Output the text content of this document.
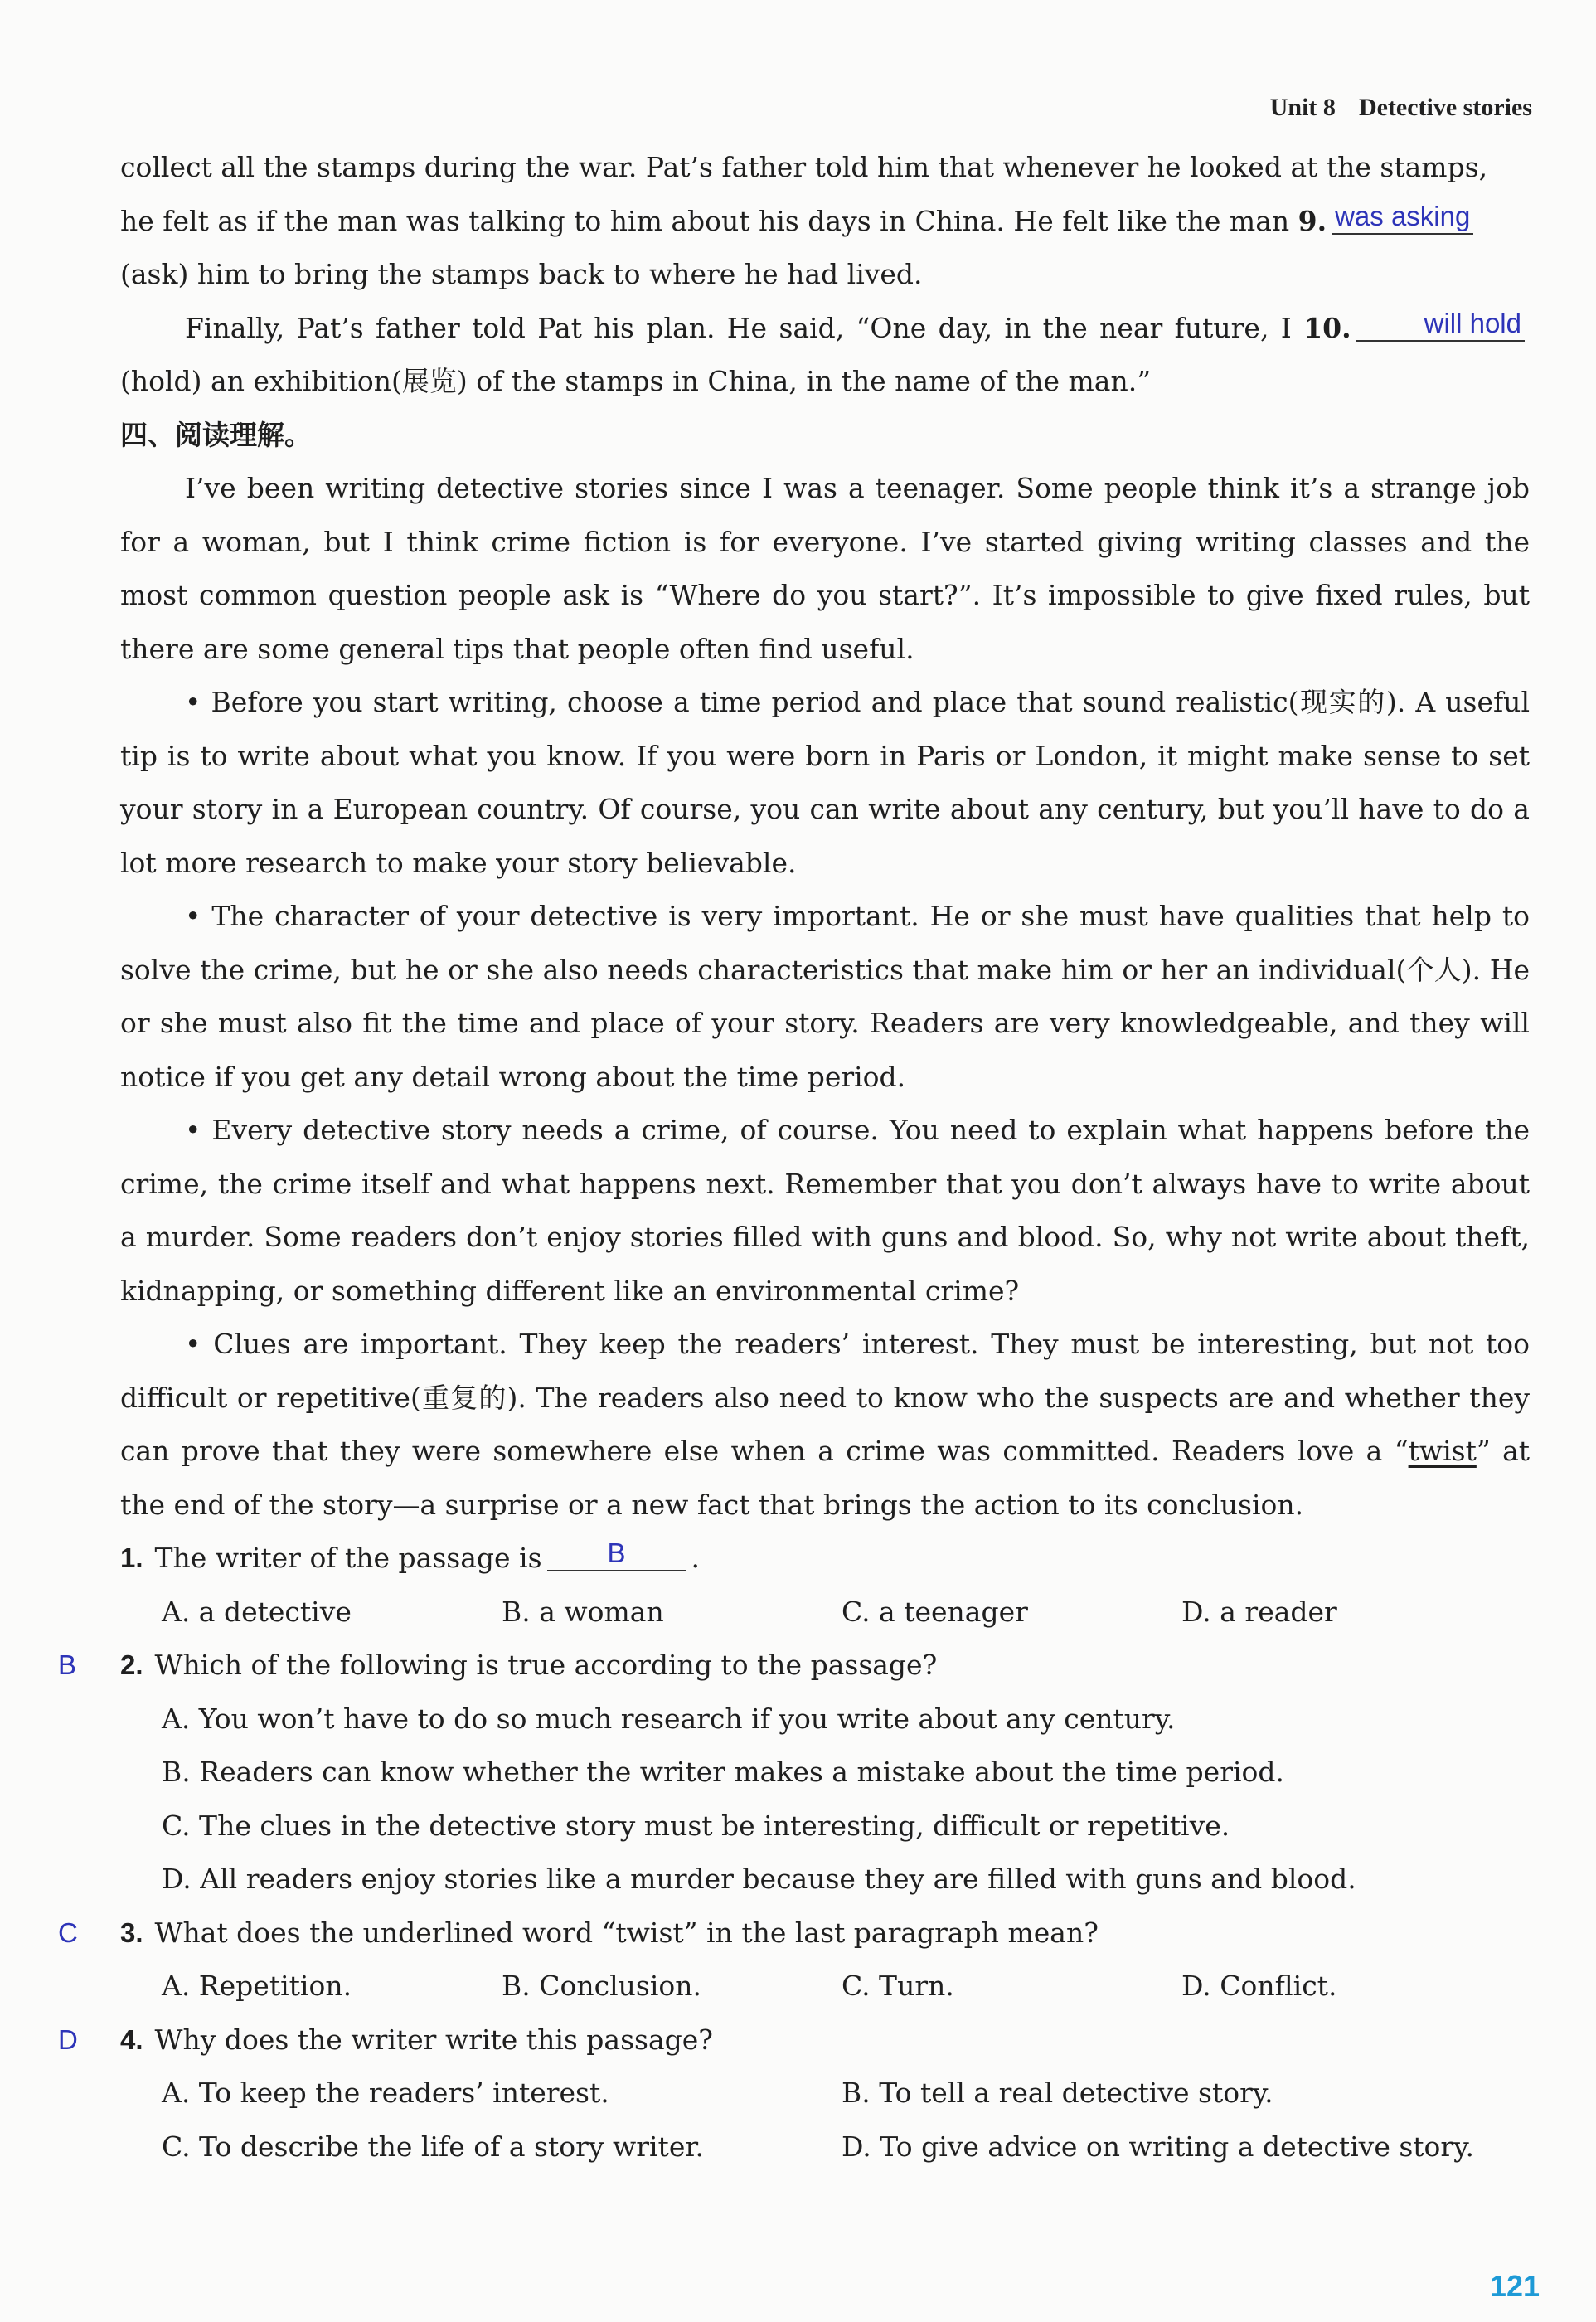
Unit 8 Detective stories

collect all the stamps during the war. Pat’s father told him that whenever he looked at the stamps,

he felt as if the man was talking to him about his days in China. He felt like the man 9. was asking

(ask) him to bring the stamps back to where he had lived.

Finally, Pat’s father told Pat his plan. He said, “One day, in the near future, I 10.	will hold (hold) an exhibition(展览) of the stamps in China, in the name of the man.”

四、阅读理解。

I’ve been writing detective stories since I was a teenager. Some people think it’s a strange job for a woman, but I think crime fiction is for everyone. I’ve started giving writing classes and the most common question people ask is “Where do you start?”. It’s impossible to give fixed rules, but there are some general tips that people often find useful.

• Before you start writing, choose a time period and place that sound realistic(现实的). A useful tip is to write about what you know. If you were born in Paris or London, it might make sense to set your story in a European country. Of course, you can write about any century, but you’ll have to do a lot more research to make your story believable.

• The character of your detective is very important. He or she must have qualities that help to solve the crime, but he or she also needs characteristics that make him or her an individual(个人). He or she must also fit the time and place of your story. Readers are very knowledgeable, and they will notice if you get any detail wrong about the time period.

• Every detective story needs a crime, of course. You need to explain what happens before the crime, the crime itself and what happens next. Remember that you don’t always have to write about a murder. Some readers don’t enjoy stories filled with guns and blood. So, why not write about theft, kidnapping, or something different like an environmental crime?

• Clues are important. They keep the readers’ interest. They must be interesting, but not too difficult or repetitive(重复的). The readers also need to know who the suspects are and whether they can prove that they were somewhere else when a crime was committed. Readers love a “twist” at the end of the story—a surprise or a new fact that brings the action to its conclusion.

1. The writer of the passage is B .

A. a detective	B. a woman	C. a teenager	D. a reader

B 2. Which of the following is true according to the passage?

A. You won’t have to do so much research if you write about any century.

B. Readers can know whether the writer makes a mistake about the time period.

C. The clues in the detective story must be interesting, difficult or repetitive.

D. All readers enjoy stories like a murder because they are filled with guns and blood.

C 3. What does the underlined word “twist” in the last paragraph mean?

A. Repetition.	B. Conclusion.	C. Turn.	D. Conflict.

D 4. Why does the writer write this passage?

A. To keep the readers’ interest.	B. To tell a real detective story.
C. To describe the life of a story writer.	D. To give advice on writing a detective story.
121
